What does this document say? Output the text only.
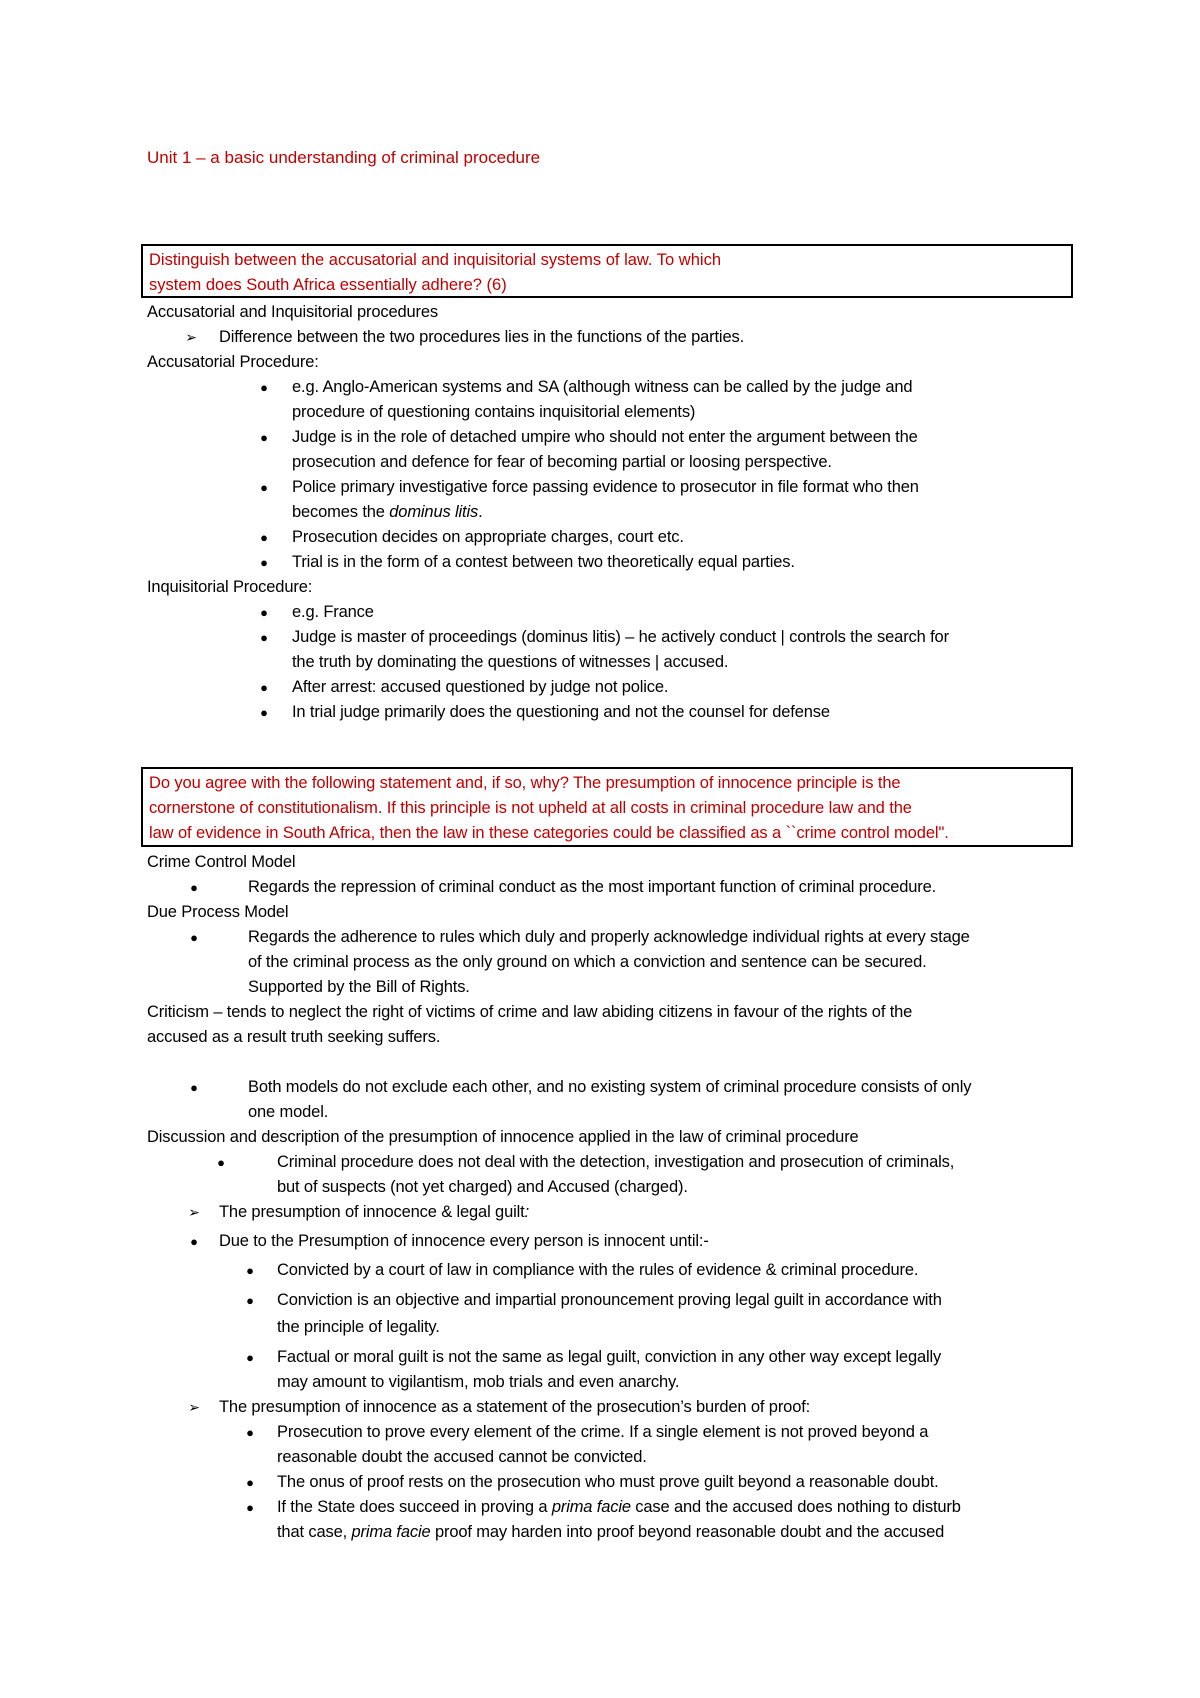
Unit 1 – a basic understanding of criminal procedure
Distinguish between the accusatorial and inquisitorial systems of law. To which
system does South Africa essentially adhere? (6)
Accusatorial and Inquisitorial procedures
➢ Difference between the two procedures lies in the functions of the parties.
Accusatorial Procedure:
●	e.g. Anglo-American systems and SA (although witness can be called by the judge and
procedure of questioning contains inquisitorial elements)
●	Judge is in the role of detached umpire who should not enter the argument between the
prosecution and defence for fear of becoming partial or loosing perspective.
●	Police primary investigative force passing evidence to prosecutor in file format who then
becomes the dominus litis.
●	Prosecution decides on appropriate charges, court etc.
●	Trial is in the form of a contest between two theoretically equal parties.
Inquisitorial Procedure:
●	e.g. France
●	Judge is master of proceedings (dominus litis) – he actively conduct | controls the search for
the truth by dominating the questions of witnesses | accused.
●	After arrest: accused questioned by judge not police.
●	In trial judge primarily does the questioning and not the counsel for defense
Do you agree with the following statement and, if so, why? The presumption of innocence principle is the
cornerstone of constitutionalism. If this principle is not upheld at all costs in criminal procedure law and the
law of evidence in South Africa, then the law in these categories could be classified as a ``crime control model".
Crime Control Model
●	Regards the repression of criminal conduct as the most important function of criminal procedure.
Due Process Model
●	Regards the adherence to rules which duly and properly acknowledge individual rights at every stage
of the criminal process as the only ground on which a conviction and sentence can be secured.
Supported by the Bill of Rights.
Criticism – tends to neglect the right of victims of crime and law abiding citizens in favour of the rights of the
accused as a result truth seeking suffers.
●	Both models do not exclude each other, and no existing system of criminal procedure consists of only
one model.
Discussion and description of the presumption of innocence applied in the law of criminal procedure
●	Criminal procedure does not deal with the detection, investigation and prosecution of criminals,
but of suspects (not yet charged) and Accused (charged).
➢ The presumption of innocence & legal guilt:
●	Due to the Presumption of innocence every person is innocent until:-
●	Convicted by a court of law in compliance with the rules of evidence & criminal procedure.
●	Conviction is an objective and impartial pronouncement proving legal guilt in accordance with
the principle of legality.
●	Factual or moral guilt is not the same as legal guilt, conviction in any other way except legally
may amount to vigilantism, mob trials and even anarchy.
➢ The presumption of innocence as a statement of the prosecution’s burden of proof:
●	Prosecution to prove every element of the crime. If a single element is not proved beyond a
reasonable doubt the accused cannot be convicted.
●	The onus of proof rests on the prosecution who must prove guilt beyond a reasonable doubt.
●	If the State does succeed in proving a prima facie case and the accused does nothing to disturb
that case, prima facie proof may harden into proof beyond reasonable doubt and the accused
